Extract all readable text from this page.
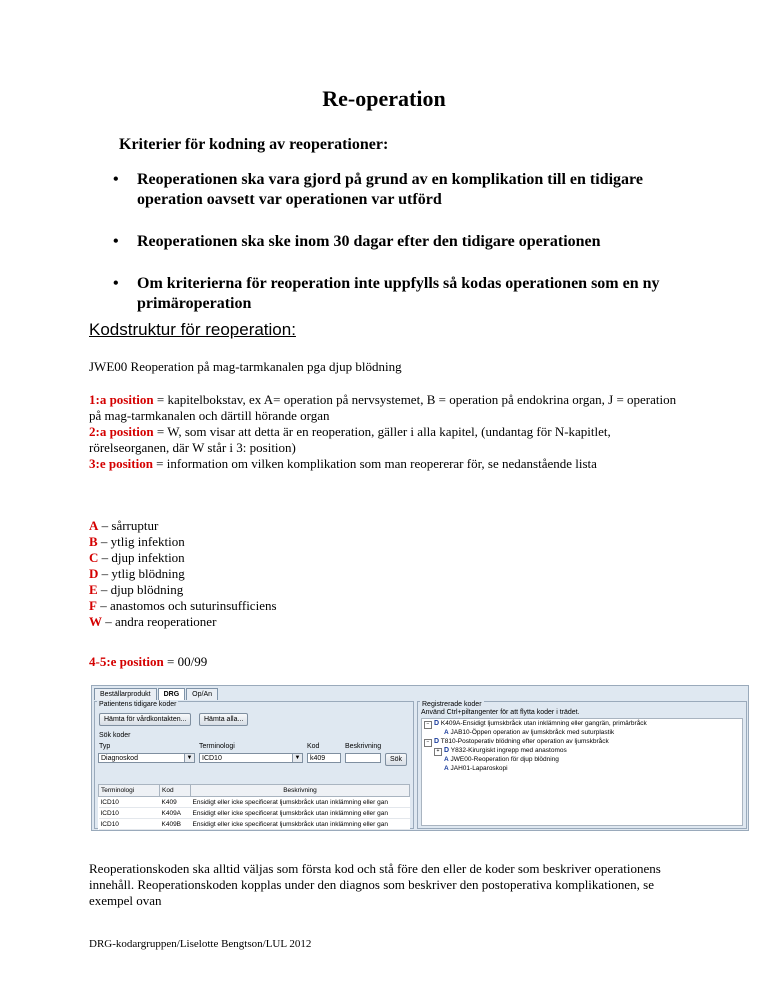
Re-operation
Kriterier för kodning av reoperationer:
• Reoperationen ska vara gjord på grund av en komplikation till en tidigare operation oavsett var operationen var utförd
• Reoperationen ska ske inom 30 dagar efter den tidigare operationen
• Om kriterierna för reoperation inte uppfylls så kodas operationen som en ny primäroperation
Kodstruktur för reoperation:
JWE00 Reoperation på mag-tarmkanalen pga djup blödning
1:a position = kapitelbokstav, ex A= operation på nervsystemet, B = operation på endokrina organ, J = operation på mag-tarmkanalen och därtill hörande organ
2:a position = W, som visar att detta är en reoperation, gäller i alla kapitel, (undantag för N-kapitlet, rörelseorganen, där W står i 3: position)
3:e position = information om vilken komplikation som man reopererar för, se nedanstående lista
A – sårruptur
B – ytlig infektion
C – djup infektion
D – ytlig blödning
E – djup blödning
F – anastomos och suturinsufficiens
W – andra reoperationer
4-5:e position = 00/99
Beställarprodukt	DRG	Op/An
Patientens tidigare koder
Hämta för vårdkontakten...	Hämta alla...
Sök koder
Typ	Terminologi	Kod	Beskrivning
Diagnoskod	▼	ICD10	▼	k409	Sök
Terminologi	Kod	Beskrivning
ICD10	K409	Ensidigt eller icke specificerat ljumskbråck utan inklämning eller gan
ICD10	K409A	Ensidigt eller icke specificerat ljumskbråck utan inklämning eller gan
ICD10	K409B	Ensidigt eller icke specificerat ljumskbråck utan inklämning eller gan
Registrerade koder
Använd Ctrl+piltangenter för att flytta koder i trädet.
− D K409A-Ensidigt ljumskbråck utan inklämning eller gangrän, primärbråck
A JAB10-Öppen operation av ljumskbråck med suturplastik
− D T810-Postoperativ blödning efter operation av ljumskbråck
+ D Y832-Kirurgiskt ingrepp med anastomos
A JWE00-Reoperation för djup blödning
A JAH01-Laparoskopi
Reoperationskoden ska alltid väljas som första kod och stå före den eller de koder som beskriver operationens innehåll. Reoperationskoden kopplas under den diagnos som beskriver den postoperativa komplikationen, se exempel ovan
DRG-kodargruppen/Liselotte Bengtson/LUL 2012
